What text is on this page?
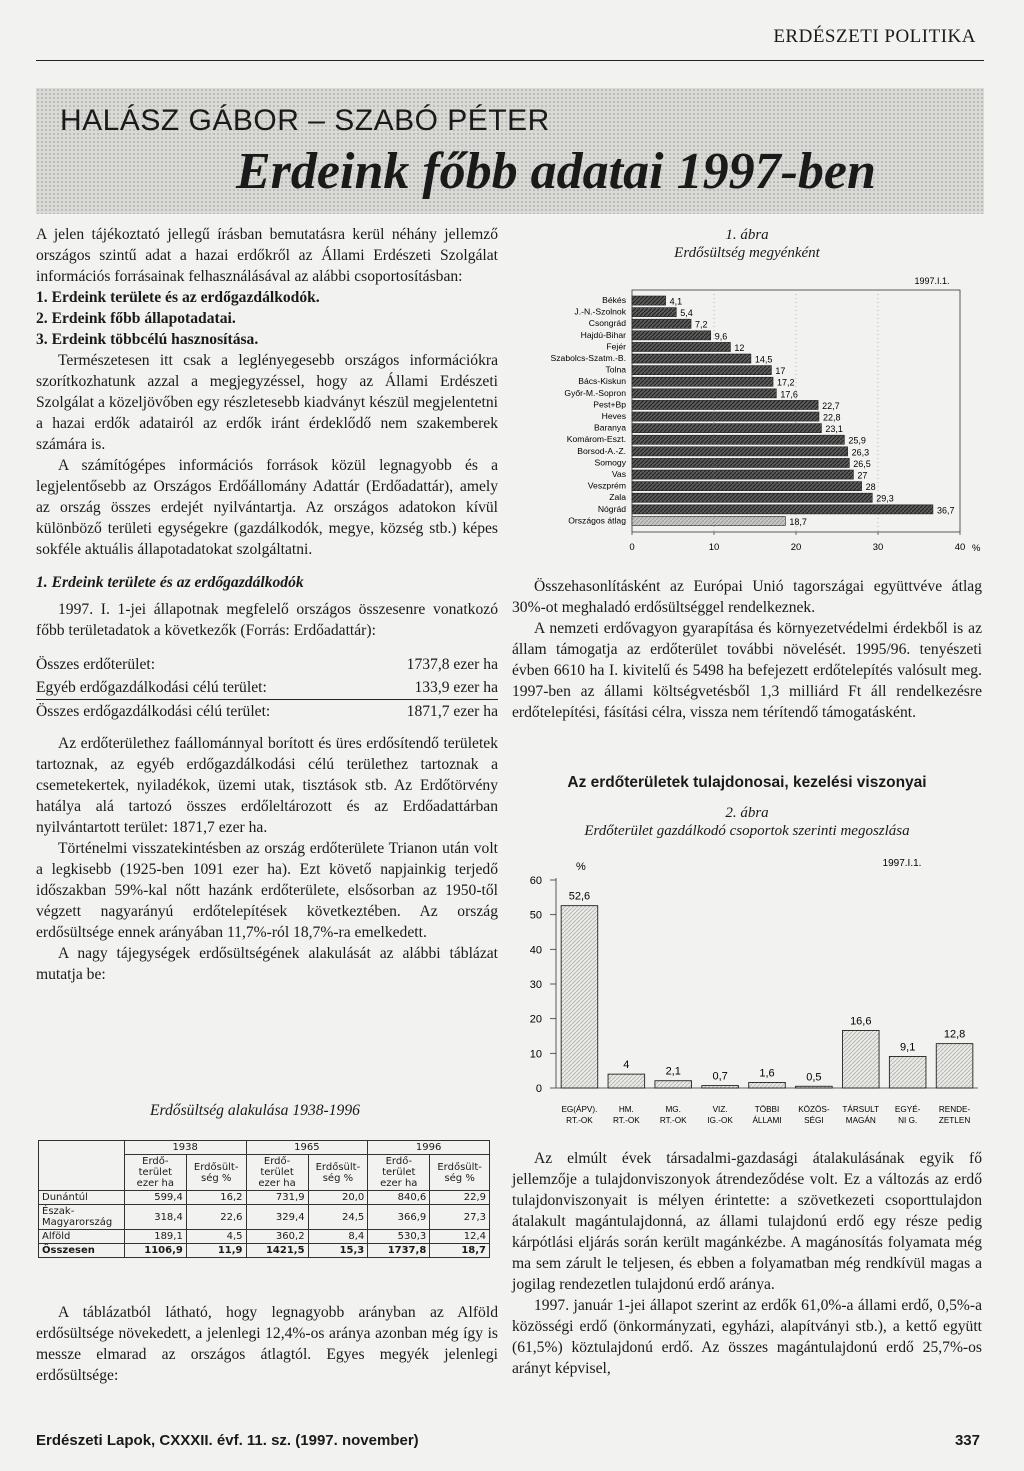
ERDÉSZETI POLITIKA
HALÁSZ GÁBOR – SZABÓ PÉTER
Erdeink főbb adatai 1997-ben

A jelen tájékoztató jellegű írásban bemutatásra kerül néhány jellemző országos szintű adat a hazai erdőkről az Állami Erdészeti Szolgálat információs forrásainak felhasználásával az alábbi csoportosításban:

1. Erdeink területe és az erdőgazdálkodók.

2. Erdeink főbb állapotadatai.

3. Erdeink többcélú hasznosítása.

Természetesen itt csak a leglényegesebb országos információkra szorítkozhatunk azzal a megjegyzéssel, hogy az Állami Erdészeti Szolgálat a közeljövőben egy részletesebb kiadványt készül megjelentetni a hazai erdők adatairól az erdők iránt érdeklődő nem szakemberek számára is.

A számítógépes információs források közül legnagyobb és a legjelentősebb az Országos Erdőállomány Adattár (Erdőadattár), amely az ország összes erdejét nyilvántartja. Az országos adatokon kívül különböző területi egységekre (gazdálkodók, megye, község stb.) képes sokféle aktuális állapotadatokat szolgáltatni.

1. Erdeink területe és az erdőgazdálkodók

1997. I. 1-jei állapotnak megfelelő országos összesenre vonatkozó főbb területadatok a következők (Forrás: Erdőadattár):

Összes erdőterület:	1737,8 ezer ha
Egyéb erdőgazdálkodási célú terület:	133,9 ezer ha
Összes erdőgazdálkodási célú terület:	1871,7 ezer ha

Az erdőterülethez faállománnyal borított és üres erdősítendő területek tartoznak, az egyéb erdőgazdálkodási célú területhez tartoznak a csemetekertek, nyiladékok, üzemi utak, tisztások stb. Az Erdőtörvény hatálya alá tartozó összes erdőleltározott és az Erdőadattárban nyilvántartott terület: 1871,7 ezer ha.

Történelmi visszatekintésben az ország erdőterülete Trianon után volt a legkisebb (1925-ben 1091 ezer ha). Ezt követő napjainkig terjedő időszakban 59%-kal nőtt hazánk erdőterülete, elsősorban az 1950-től végzett nagyarányú erdőtelepítések következtében. Az ország erdősültsége ennek arányában 11,7%-ról 18,7%-ra emelkedett.

A nagy tájegységek erdősültségének alakulását az alábbi táblázat mutatja be:

Erdősültség alakulása 1938-1996
	1938		1965		1996	
	Erdő-terület ezer ha	Erdősült-ség %	Erdő-terület ezer ha	Erdősült-ség %	Erdő-terület ezer ha	Erdősült-ség %
Dunántúl	599,4	16,2	731,9	20,0	840,6	22,9
Észak-Magyarország	318,4	22,6	329,4	24,5	366,9	27,3
Alföld	189,1	4,5	360,2	8,4	530,3	12,4
Összesen	1106,9	11,9	1421,5	15,3	1737,8	18,7

A táblázatból látható, hogy legnagyobb arányban az Alföld erdősültsége növekedett, a jelenlegi 12,4%-os aránya azonban még így is messze elmarad az országos átlagtól. Egyes megyék jelenlegi erdősültsége:

1. ábra
Erdősültség megyénként
1997.I.1.
Békés	4,1
J.-N.-Szolnok	5,4
Csongrád	7,2
Hajdú-Bihar	9,6
Fejér	12
Szabolcs-Szatm.-B.	14,5
Tolna	17
Bács-Kiskun	17,2
Győr-M.-Sopron	17,6
Pest+Bp	22,7
Heves	22,8
Baranya	23,1
Komárom-Eszt.	25,9
Borsod-A.-Z.	26,3
Somogy	26,5
Vas	27
Veszprém	28
Zala	29,3
Nógrád	36,7
Országos átlag	18,7
0	10	20	30	40 %

Összehasonlításként az Európai Unió tagországai együttvéve átlag 30%-ot meghaladó erdősültséggel rendelkeznek.

A nemzeti erdővagyon gyarapítása és környezetvédelmi érdekből is az állam támogatja az erdőterület további növelését. 1995/96. tenyészeti évben 6610 ha I. kivitelű és 5498 ha befejezett erdőtelepítés valósult meg. 1997-ben az állami költségvetésből 1,3 milliárd Ft áll rendelkezésre erdőtelepítési, fásítási célra, vissza nem térítendő támogatásként.

Az erdőterületek tulajdonosai, kezelési viszonyai
2. ábra
Erdőterület gazdálkodó csoportok szerinti megoszlása
%	1997.I.1.
0
10
20
30
40
50
60
52,6
EG(ÁPV).
RT.-OK
4
HM.
RT.-OK
2,1
MG.
RT.-OK
0,7
VIZ.
IG.-OK
1,6
TÖBBI
ÁLLAMI
0,5
KÖZÖS-
SÉGI
16,6
TÁRSULT
MAGÁN
9,1
EGYÉ-
NI G.
12,8
RENDE-
ZETLEN

Az elmúlt évek társadalmi-gazdasági átalakulásának egyik fő jellemzője a tulajdonviszonyok átrendeződése volt. Ez a változás az erdő tulajdonviszonyait is mélyen érintette: a szövetkezeti csoporttulajdon átalakult magántulajdonná, az állami tulajdonú erdő egy része pedig kárpótlási eljárás során került magánkézbe. A magánosítás folyamata még ma sem zárult le teljesen, és ebben a folyamatban még rendkívül magas a jogilag rendezetlen tulajdonú erdő aránya.

1997. január 1-jei állapot szerint az erdők 61,0%-a állami erdő, 0,5%-a közösségi erdő (önkormányzati, egyházi, alapítványi stb.), a kettő együtt (61,5%) köztulajdonú erdő. Az összes magántulajdonú erdő 25,7%-os arányt képvisel,

Erdészeti Lapok, CXXXII. évf. 11. sz. (1997. november)	337
